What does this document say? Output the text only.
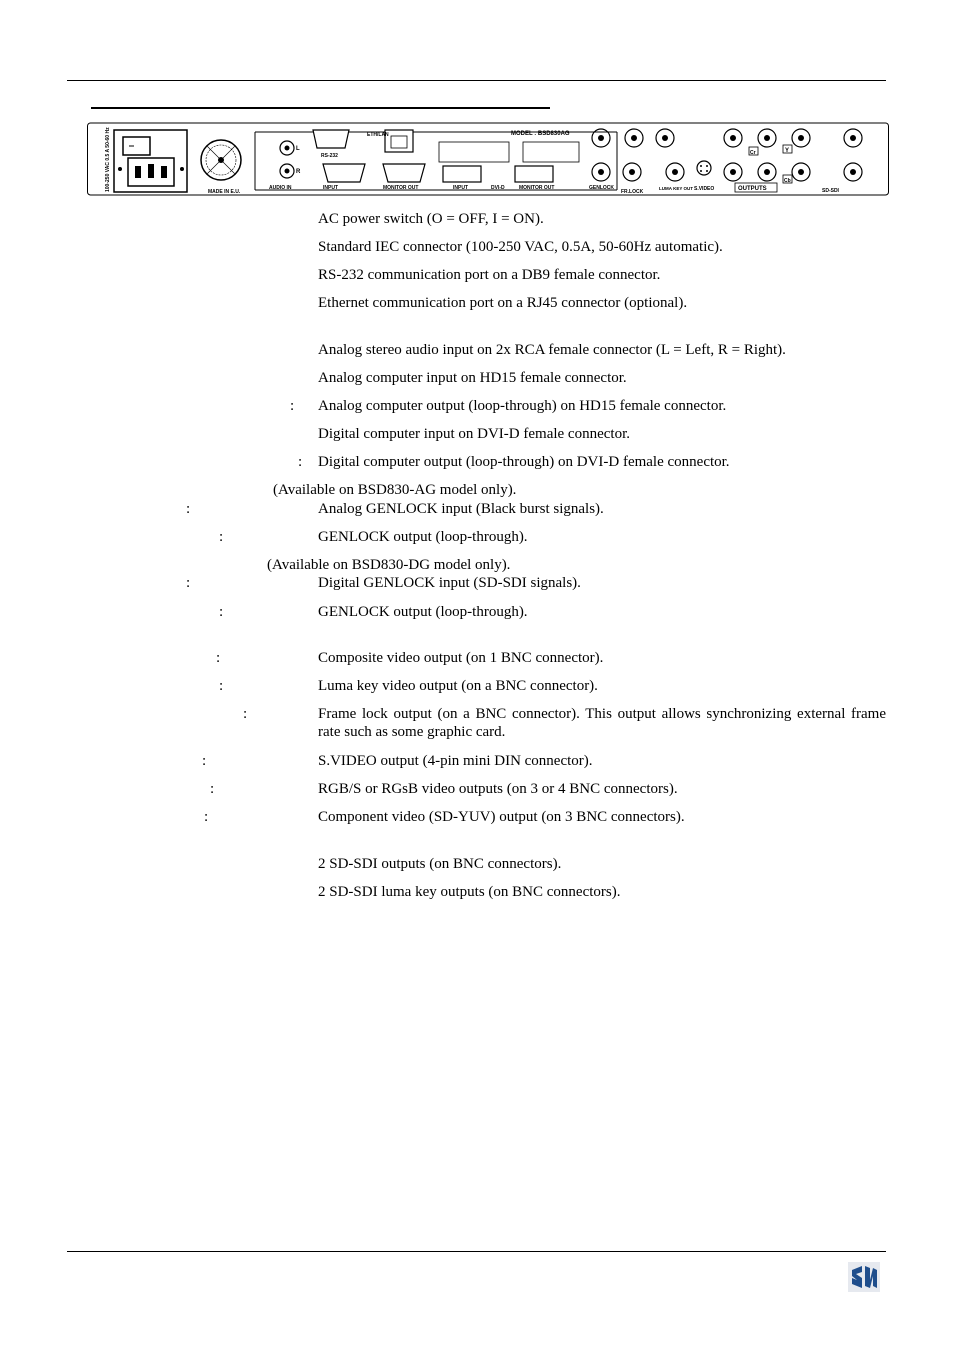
100-250 VAC 0.5 A 50-60 Hz	MADE IN E.U.
L
R
AUDIO IN
RS-232
ETH/LAN
INPUT	MONITOR OUT	INPUT	DVI-D	MONITOR OUT
MODEL : BSD830AG
GENLOCK
FR.LOCK
LUMA KEY OUT S.VIDEO	OUTPUTS	SD-SDI
Y
Cr
Cb
AC power switch (O = OFF, I = ON).
Standard IEC connector (100-250 VAC, 0.5A, 50-60Hz automatic).
RS-232 communication port on a DB9 female connector.
Ethernet communication port on a RJ45 connector (optional).
Analog stereo audio input on 2x RCA female connector (L = Left, R = Right).
Analog computer input on HD15 female connector.
: Analog computer output (loop-through) on HD15 female connector.
Digital computer input on DVI-D female connector.
: Digital computer output (loop-through) on DVI-D female connector.
(Available on BSD830-AG model only).
:	Analog GENLOCK input (Black burst signals).
:	GENLOCK output (loop-through).
(Available on BSD830-DG model only).
:	Digital GENLOCK input (SD-SDI signals).
:	GENLOCK output (loop-through).
:	Composite video output (on 1 BNC connector).
:	Luma key video output (on a BNC connector).
:	Frame lock output (on a BNC connector). This output allows synchronizing external frame rate such as some graphic card.
:	S.VIDEO output (4-pin mini DIN connector).
:	RGB/S or RGsB video outputs (on 3 or 4 BNC connectors).
:	Component video (SD-YUV) output (on 3 BNC connectors).
2 SD-SDI outputs (on BNC connectors).
2 SD-SDI luma key outputs (on BNC connectors).
